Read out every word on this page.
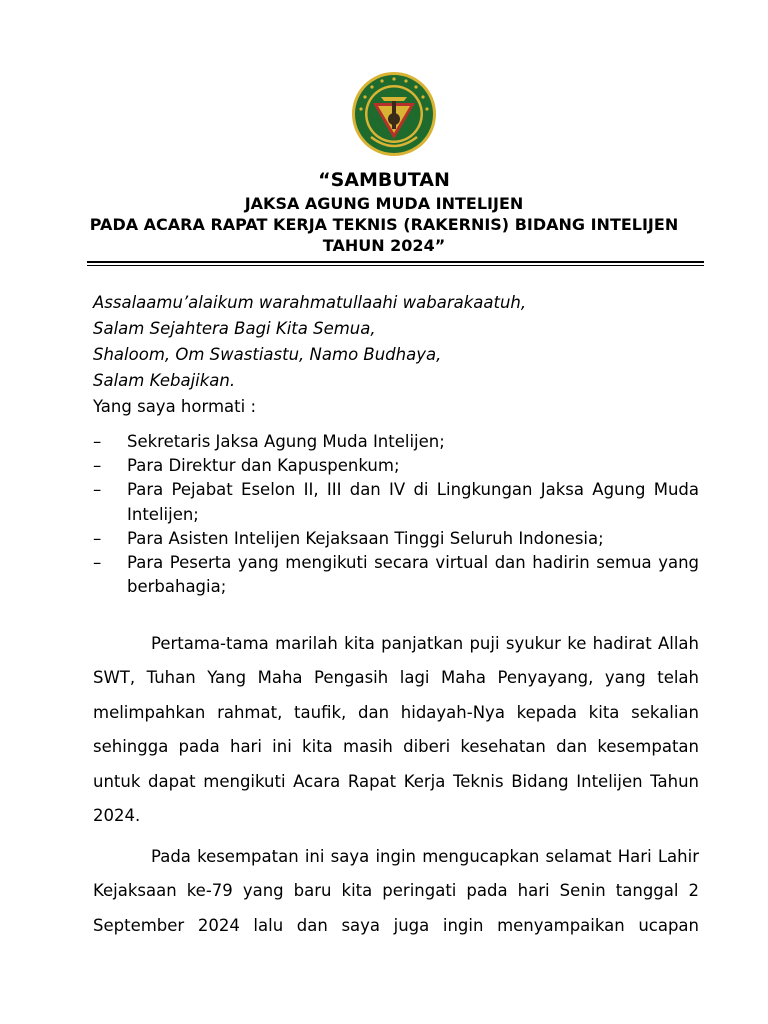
“SAMBUTAN
JAKSA AGUNG MUDA INTELIJEN
PADA ACARA RAPAT KERJA TEKNIS (RAKERNIS) BIDANG INTELIJEN
TAHUN 2024”
Assalaamu’alaikum warahmatullaahi wabarakaatuh,
Salam Sejahtera Bagi Kita Semua,
Shaloom, Om Swastiastu, Namo Budhaya,
Salam Kebajikan.
Yang saya hormati :
–	Sekretaris Jaksa Agung Muda Intelijen;
–	Para Direktur dan Kapuspenkum;
–	Para Pejabat Eselon II, III dan IV di Lingkungan Jaksa Agung Muda Intelijen;
–	Para Asisten Intelijen Kejaksaan Tinggi Seluruh Indonesia;
–	Para Peserta yang mengikuti secara virtual dan hadirin semua yang berbahagia;
Pertama-tama marilah kita panjatkan puji syukur ke hadirat Allah
SWT, Tuhan Yang Maha Pengasih lagi Maha Penyayang, yang telah
melimpahkan rahmat, taufik, dan hidayah-Nya kepada kita sekalian
sehingga pada hari ini kita masih diberi kesehatan dan kesempatan
untuk dapat mengikuti Acara Rapat Kerja Teknis Bidang Intelijen Tahun
2024.
Pada kesempatan ini saya ingin mengucapkan selamat Hari Lahir
Kejaksaan ke-79 yang baru kita peringati pada hari Senin tanggal 2
September 2024 lalu dan saya juga ingin menyampaikan ucapan
